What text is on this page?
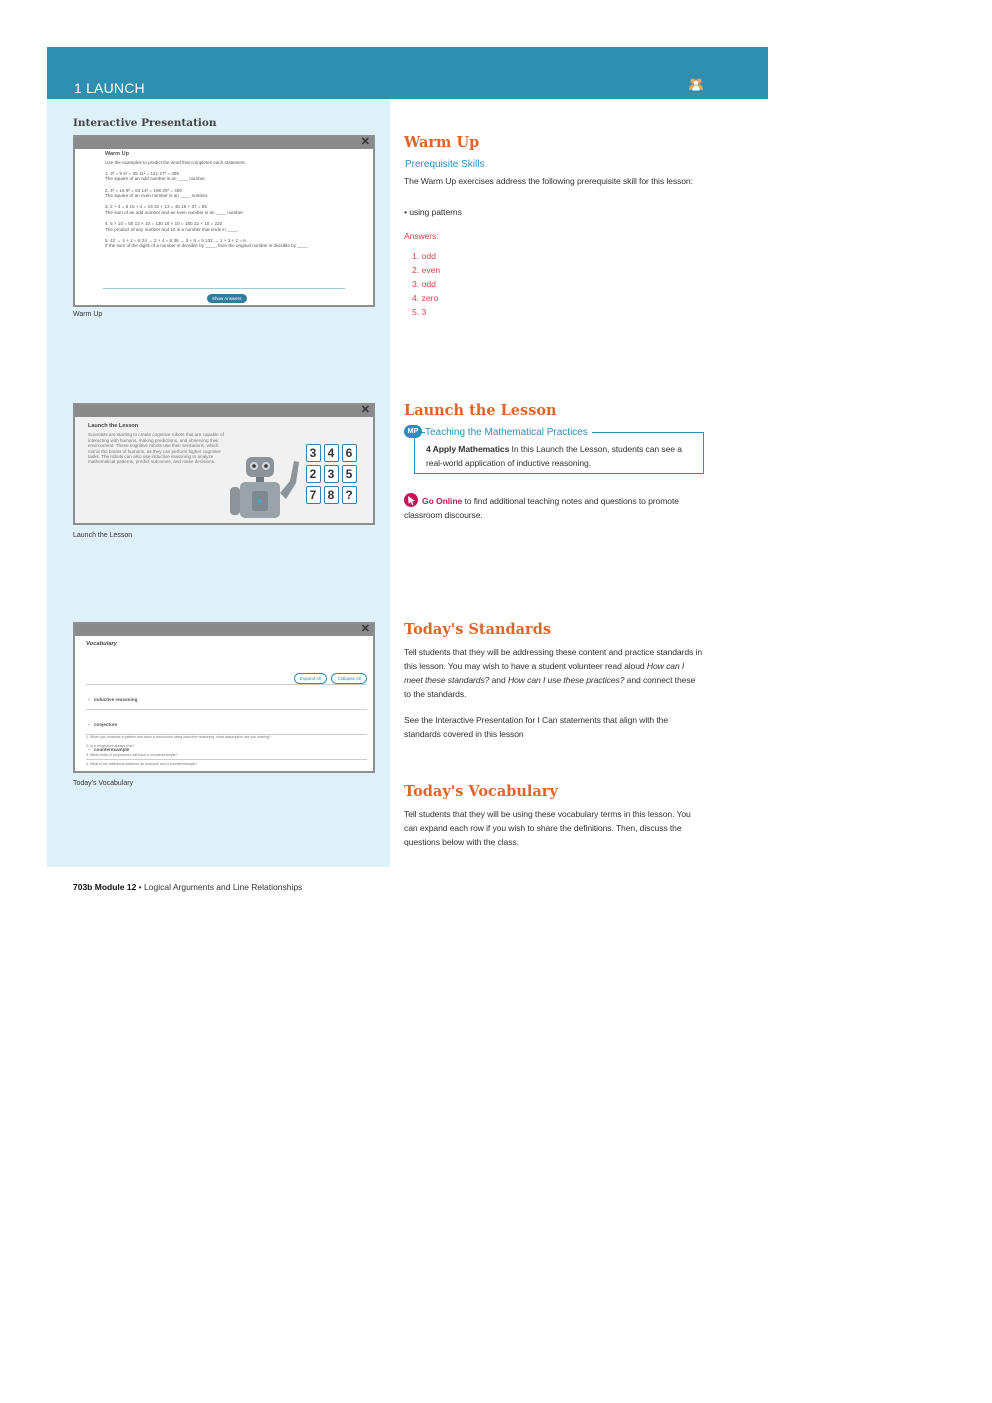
1 LAUNCH
Interactive Presentation
✕
Warm Up
Use the examples to predict the word that completes each statement.
1. 3² = 9 5² = 25 11² = 121 17² = 289
The square of an odd number is an ____ number.
2. 4² = 16 8² = 64 14² = 196 20² = 400
The square of an even number is an ____ number.
3. 2 + 3 = 5 15 + 4 = 19 32 + 13 = 45 18 + 37 = 55
The sum of an odd number and an even number is an ____ number.
4. 5 × 10 = 50 13 × 10 = 130 18 × 10 = 180 22 × 10 = 220
The product of any number and 10 is a number that ends in ____.
5. 42 → 4 + 2 = 6 24 → 2 + 4 = 6 36 → 3 + 6 = 9 132 → 1 + 3 + 2 = 6
If the sum of the digits of a number is divisible by ____, then the original number is divisible by ____.
Show Answers
Warm Up
✕
Launch the Lesson
Scientists are starting to create cognitive robots that are capable of interacting with humans, making predictions, and observing their environment. These cognitive robots use their sensations, which mimic the brains of humans, as they can perform higher cognitive tasks. The robots can also use inductive reasoning to analyze mathematical patterns, predict outcomes, and make decisions.
3 4 6 2 3 5 7 8 ?
Launch the Lesson
✕
Vocabulary
Expand All	Collapse All
› inductive reasoning
› conjecture
› counterexample
1. When you examine a pattern and draw a conclusion using inductive reasoning, what assumption are you making?
2. Is a conjecture always true?
3. What kinds of conjectures will have a counterexample?
4. What is the difference between an example and a counterexample?
Today's Vocabulary
Warm Up
Prerequisite Skills
The Warm Up exercises address the following prerequisite skill for this lesson:
• using patterns
Answers:
1. odd
2. even
3. odd
4. zero
5. 3
Launch the Lesson
MP Teaching the Mathematical Practices
4 Apply Mathematics In this Launch the Lesson, students can see a real-world application of inductive reasoning.
Go Online to find additional teaching notes and questions to promote classroom discourse.
Today's Standards
Tell students that they will be addressing these content and practice standards in this lesson. You may wish to have a student volunteer read aloud How can I meet these standards? and How can I use these practices? and connect these to the standards.
See the Interactive Presentation for I Can statements that align with the standards covered in this lesson
Today's Vocabulary
Tell students that they will be using these vocabulary terms in this lesson. You can expand each row if you wish to share the definitions. Then, discuss the questions below with the class.
703b Module 12 • Logical Arguments and Line Relationships
